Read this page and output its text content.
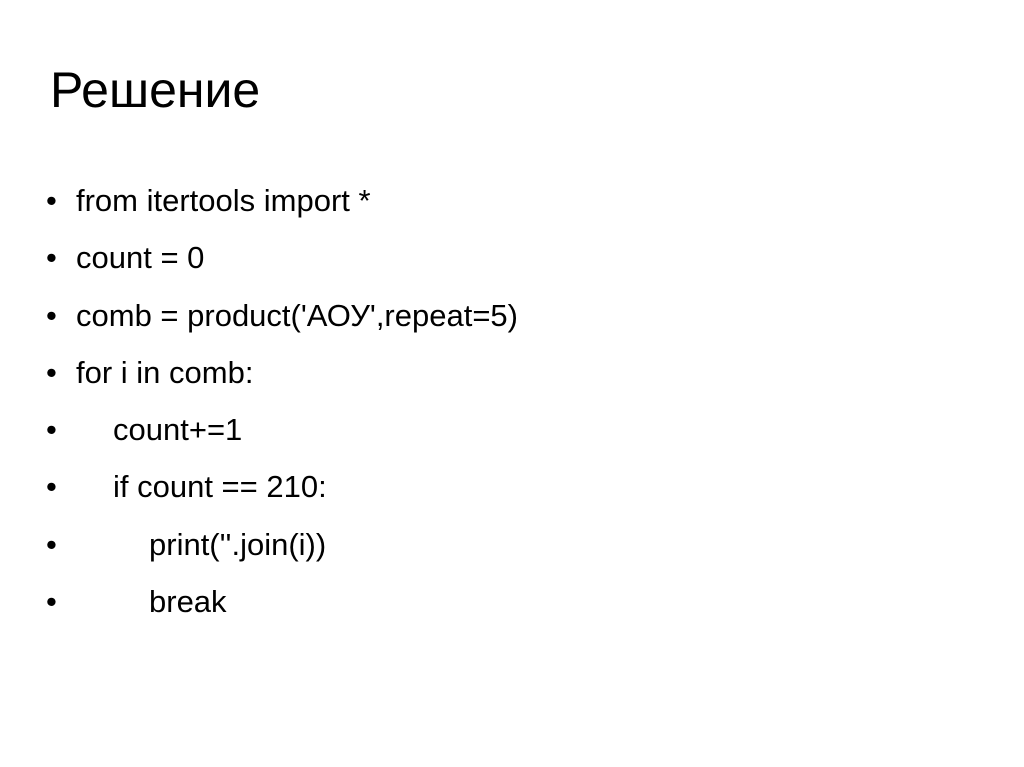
Решение
• from itertools import *
• count = 0
• comb = product('АОУ',repeat=5)
• for i in comb:
•	count+=1
•	if count == 210:
•	print(''.join(i))
•	break
